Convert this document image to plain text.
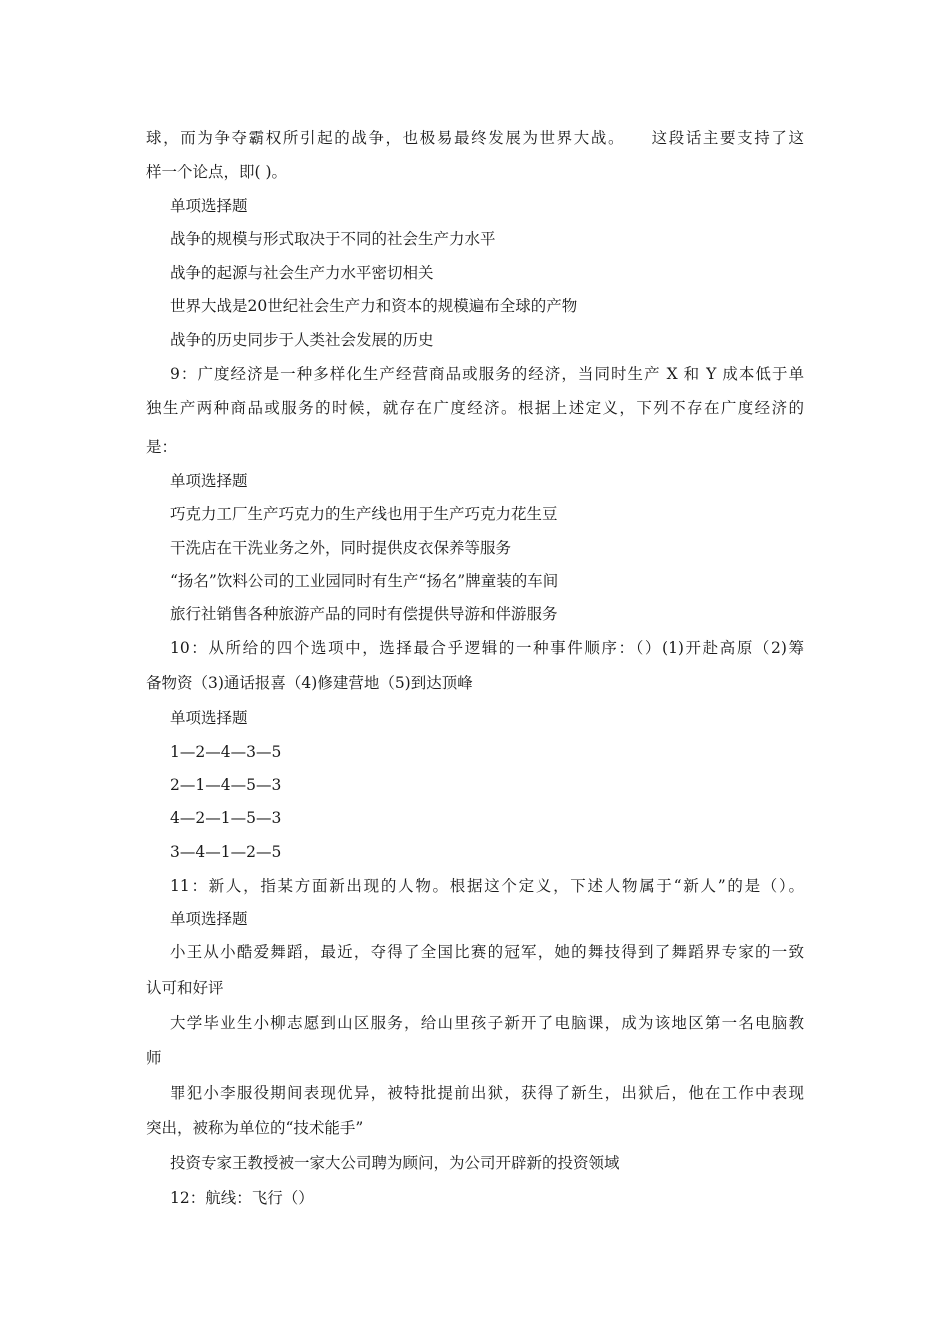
球，而为争夺霸权所引起的战争，也极易最终发展为世界大战。　　这段话主要支持了这

样一个论点，即( )。

单项选择题

战争的规模与形式取决于不同的社会生产力水平

战争的起源与社会生产力水平密切相关

世界大战是20世纪社会生产力和资本的规模遍布全球的产物

战争的历史同步于人类社会发展的历史

9：广度经济是一种多样化生产经营商品或服务的经济，当同时生产 X 和 Y 成本低于单

独生产两种商品或服务的时候，就存在广度经济。根据上述定义，下列不存在广度经济的

是：

单项选择题

巧克力工厂生产巧克力的生产线也用于生产巧克力花生豆

干洗店在干洗业务之外，同时提供皮衣保养等服务

“扬名”饮料公司的工业园同时有生产“扬名”牌童装的车间

旅行社销售各种旅游产品的同时有偿提供导游和伴游服务

10：从所给的四个选项中，选择最合乎逻辑的一种事件顺序：（）(1)开赴高原（2)筹

备物资（3)通话报喜（4)修建营地（5)到达顶峰

单项选择题

1—2—4—3—5

2—1—4—5—3

4—2—1—5—3

3—4—1—2—5

11：新人，指某方面新出现的人物。根据这个定义，下述人物属于“新人”的是（）。

单项选择题

小王从小酷爱舞蹈，最近，夺得了全国比赛的冠军，她的舞技得到了舞蹈界专家的一致

认可和好评

大学毕业生小柳志愿到山区服务，给山里孩子新开了电脑课，成为该地区第一名电脑教

师

罪犯小李服役期间表现优异，被特批提前出狱，获得了新生，出狱后，他在工作中表现

突出，被称为单位的“技术能手”

投资专家王教授被一家大公司聘为顾问，为公司开辟新的投资领域

12：航线：飞行（）
